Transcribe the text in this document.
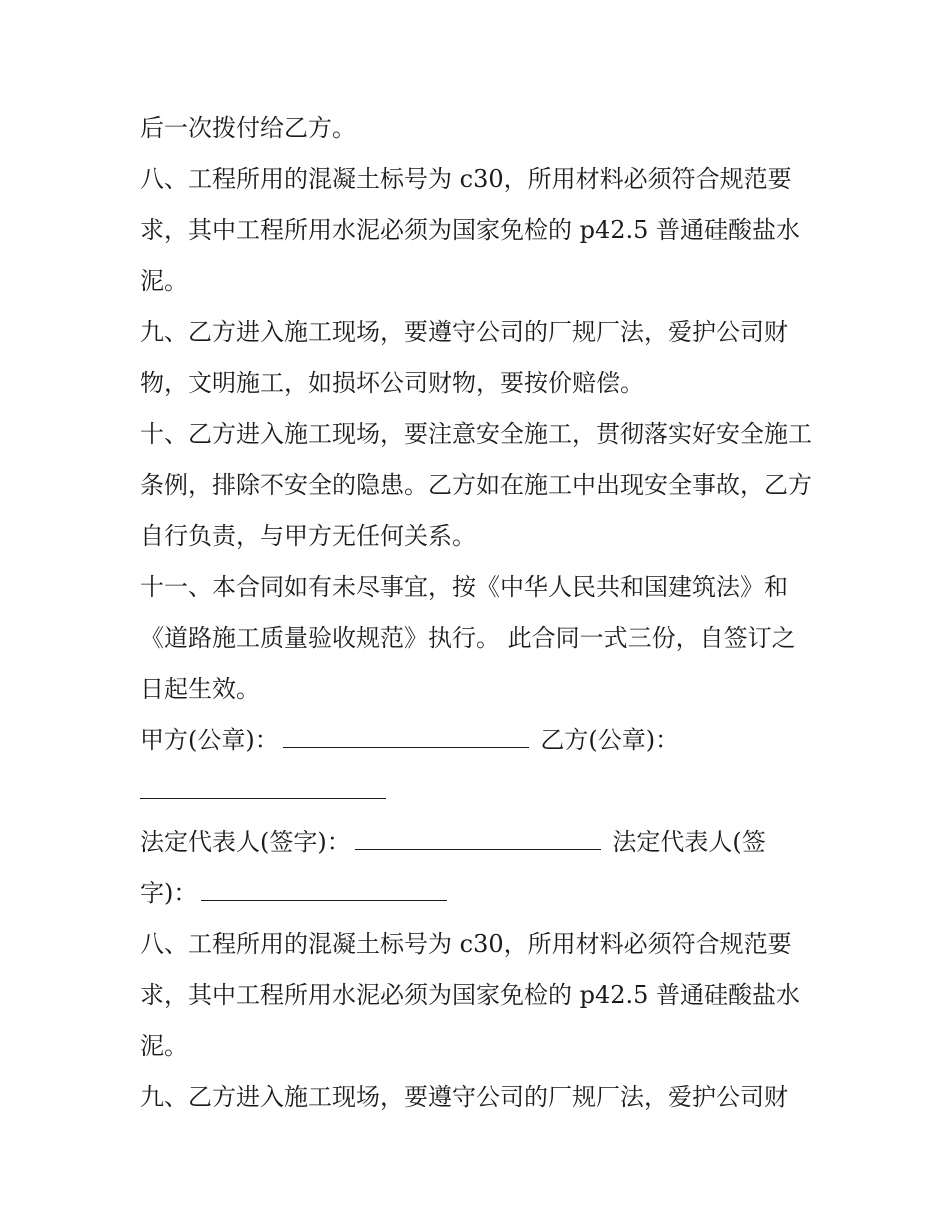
后一次拨付给乙方。

八、工程所用的混凝土标号为 c30，所用材料必须符合规范要求，其中工程所用水泥必须为国家免检的 p42.5 普通硅酸盐水泥。

九、乙方进入施工现场，要遵守公司的厂规厂法，爱护公司财物，文明施工，如损坏公司财物，要按价赔偿。

十、乙方进入施工现场，要注意安全施工，贯彻落实好安全施工条例，排除不安全的隐患。乙方如在施工中出现安全事故，乙方自行负责，与甲方无任何关系。

十一、本合同如有未尽事宜，按《中华人民共和国建筑法》和《道路施工质量验收规范》执行。 此合同一式三份，自签订之日起生效。

甲方(公章)：	乙方(公章)：

法定代表人(签字)：	法定代表人(签字)：

八、工程所用的混凝土标号为 c30，所用材料必须符合规范要求，其中工程所用水泥必须为国家免检的 p42.5 普通硅酸盐水泥。

九、乙方进入施工现场，要遵守公司的厂规厂法，爱护公司财
